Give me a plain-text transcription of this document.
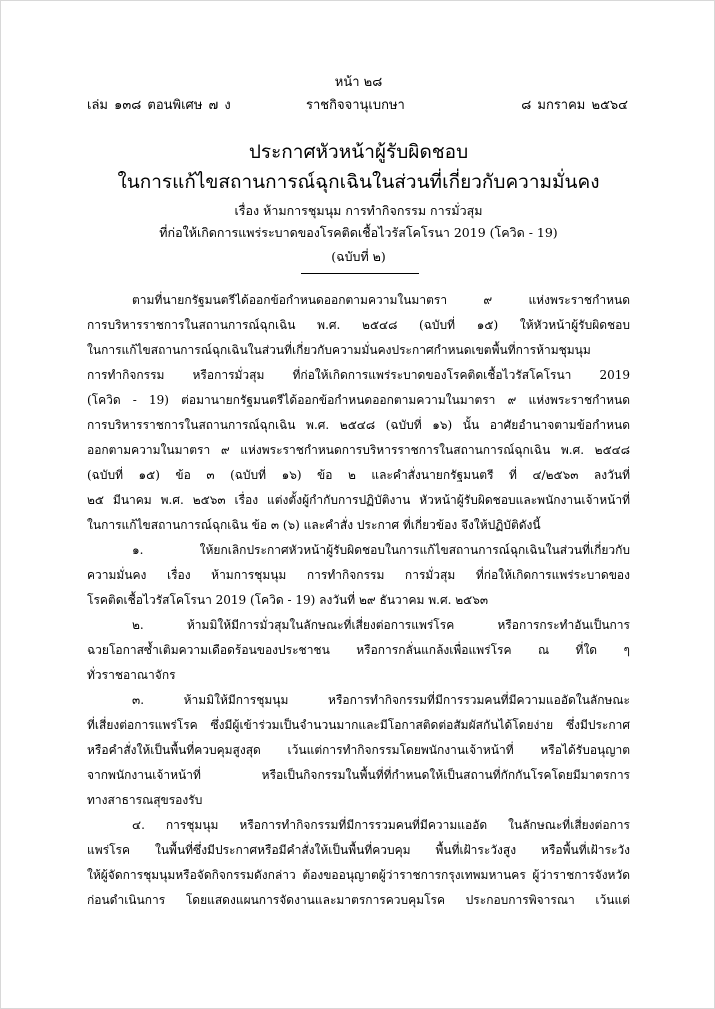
หน้า ๒๘
เล่ม ๑๓๘ ตอนพิเศษ ๗ ง	ราชกิจจานุเบกษา	๘ มกราคม ๒๕๖๔
ประกาศหัวหน้าผู้รับผิดชอบ
ในการแก้ไขสถานการณ์ฉุกเฉินในส่วนที่เกี่ยวกับความมั่นคง
เรื่อง ห้ามการชุมนุม การทำกิจกรรม การมั่วสุม
ที่ก่อให้เกิดการแพร่ระบาดของโรคติดเชื้อไวรัสโคโรนา 2019 (โควิด - 19)
(ฉบับที่ ๒)
ตามที่นายกรัฐมนตรีได้ออกข้อกำหนดออกตามความในมาตรา ๙ แห่งพระราชกำหนด
การบริหารราชการในสถานการณ์ฉุกเฉิน พ.ศ. ๒๕๔๘ (ฉบับที่ ๑๕) ให้หัวหน้าผู้รับผิดชอบ
ในการแก้ไขสถานการณ์ฉุกเฉินในส่วนที่เกี่ยวกับความมั่นคงประกาศกำหนดเขตพื้นที่การห้ามชุมนุม
การทำกิจกรรม หรือการมั่วสุม ที่ก่อให้เกิดการแพร่ระบาดของโรคติดเชื้อไวรัสโคโรนา 2019
(โควิด - 19) ต่อมานายกรัฐมนตรีได้ออกข้อกำหนดออกตามความในมาตรา ๙ แห่งพระราชกำหนด
การบริหารราชการในสถานการณ์ฉุกเฉิน พ.ศ. ๒๕๔๘ (ฉบับที่ ๑๖) นั้น อาศัยอำนาจตามข้อกำหนด
ออกตามความในมาตรา ๙ แห่งพระราชกำหนดการบริหารราชการในสถานการณ์ฉุกเฉิน พ.ศ. ๒๕๔๘
(ฉบับที่ ๑๕) ข้อ ๓ (ฉบับที่ ๑๖) ข้อ ๒ และคำสั่งนายกรัฐมนตรี ที่ ๔/๒๕๖๓ ลงวันที่
๒๕ มีนาคม พ.ศ. ๒๕๖๓ เรื่อง แต่งตั้งผู้กำกับการปฏิบัติงาน หัวหน้าผู้รับผิดชอบและพนักงานเจ้าหน้าที่
ในการแก้ไขสถานการณ์ฉุกเฉิน ข้อ ๓ (๖) และคำสั่ง ประกาศ ที่เกี่ยวข้อง จึงให้ปฏิบัติดังนี้
๑. ให้ยกเลิกประกาศหัวหน้าผู้รับผิดชอบในการแก้ไขสถานการณ์ฉุกเฉินในส่วนที่เกี่ยวกับ
ความมั่นคง เรื่อง ห้ามการชุมนุม การทำกิจกรรม การมั่วสุม ที่ก่อให้เกิดการแพร่ระบาดของ
โรคติดเชื้อไวรัสโคโรนา 2019 (โควิด - 19) ลงวันที่ ๒๙ ธันวาคม พ.ศ. ๒๕๖๓
๒. ห้ามมิให้มีการมั่วสุมในลักษณะที่เสี่ยงต่อการแพร่โรค หรือการกระทำอันเป็นการ
ฉวยโอกาสซ้ำเติมความเดือดร้อนของประชาชน หรือการกลั่นแกล้งเพื่อแพร่โรค ณ ที่ใด ๆ
ทั่วราชอาณาจักร
๓. ห้ามมิให้มีการชุมนุม หรือการทำกิจกรรมที่มีการรวมคนที่มีความแออัดในลักษณะ
ที่เสี่ยงต่อการแพร่โรค ซึ่งมีผู้เข้าร่วมเป็นจำนวนมากและมีโอกาสติดต่อสัมผัสกันได้โดยง่าย ซึ่งมีประกาศ
หรือคำสั่งให้เป็นพื้นที่ควบคุมสูงสุด เว้นแต่การทำกิจกรรมโดยพนักงานเจ้าหน้าที่ หรือได้รับอนุญาต
จากพนักงานเจ้าหน้าที่ หรือเป็นกิจกรรมในพื้นที่ที่กำหนดให้เป็นสถานที่กักกันโรคโดยมีมาตรการ
ทางสาธารณสุขรองรับ
๔. การชุมนุม หรือการทำกิจกรรมที่มีการรวมคนที่มีความแออัด ในลักษณะที่เสี่ยงต่อการ
แพร่โรค ในพื้นที่ซึ่งมีประกาศหรือมีคำสั่งให้เป็นพื้นที่ควบคุม พื้นที่เฝ้าระวังสูง หรือพื้นที่เฝ้าระวัง
ให้ผู้จัดการชุมนุมหรือจัดกิจกรรมดังกล่าว ต้องขออนุญาตผู้ว่าราชการกรุงเทพมหานคร ผู้ว่าราชการจังหวัด
ก่อนดำเนินการ โดยแสดงแผนการจัดงานและมาตรการควบคุมโรค ประกอบการพิจารณา เว้นแต่
